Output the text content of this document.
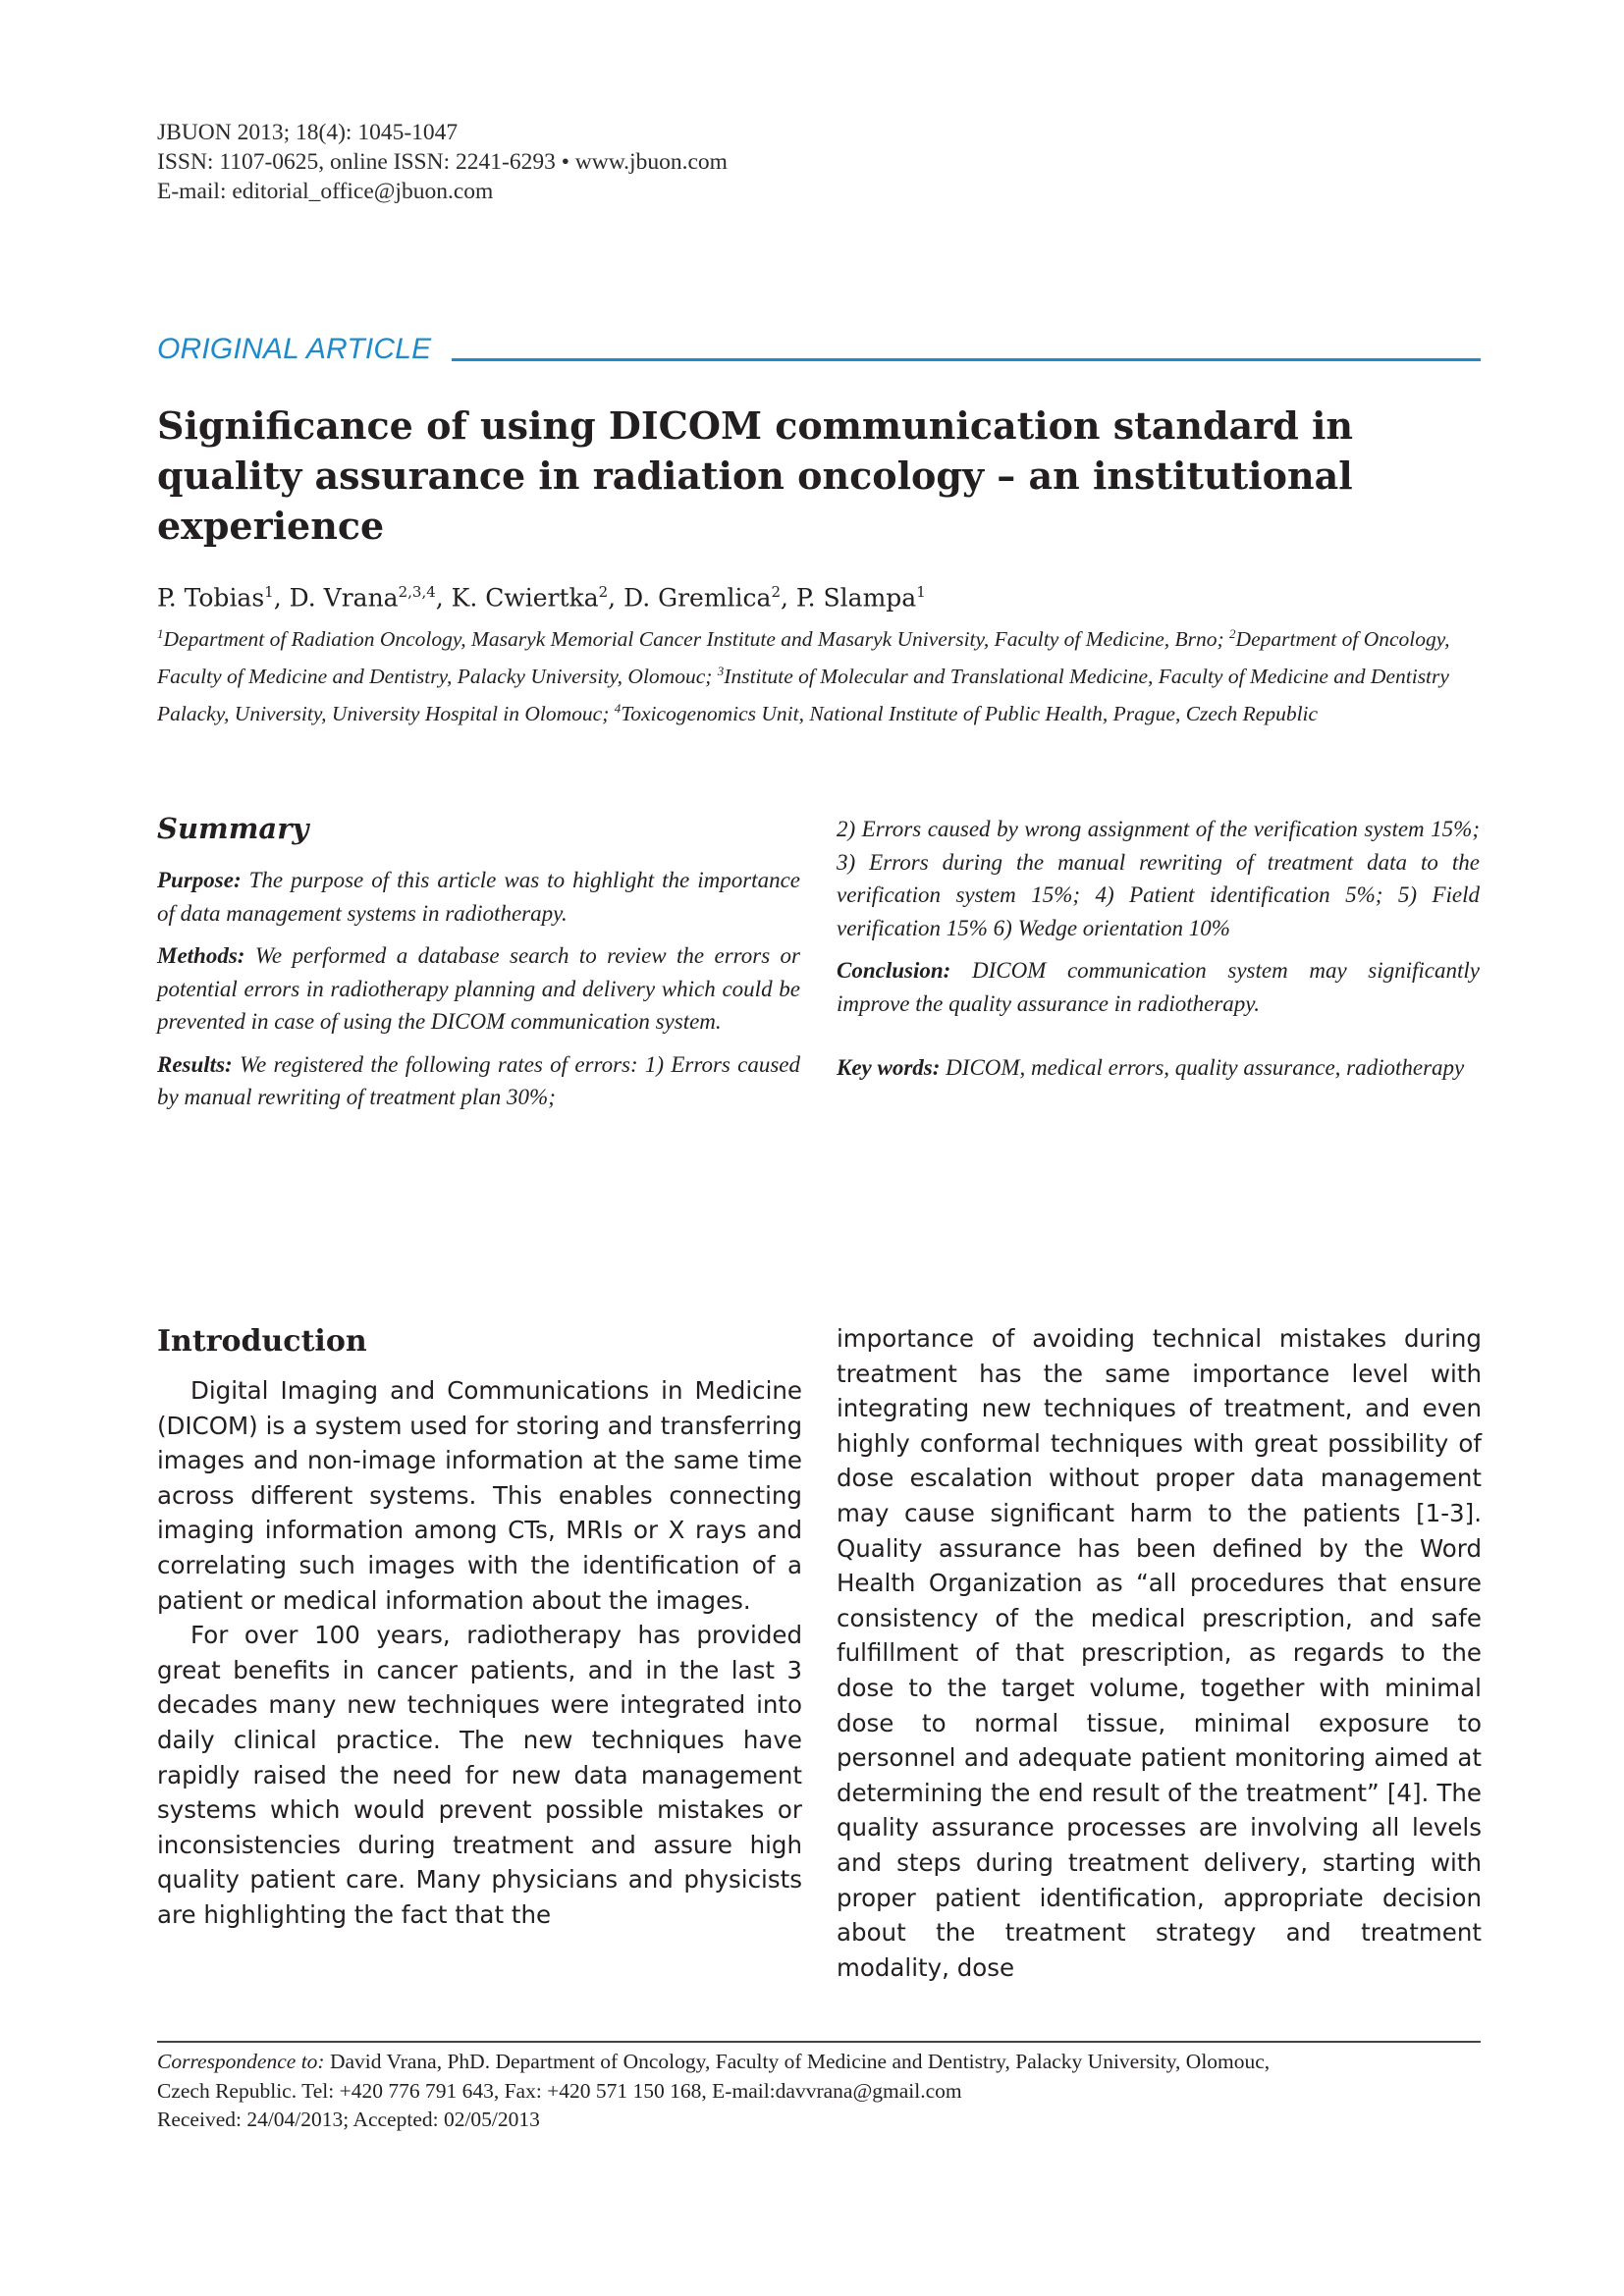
JBUON 2013; 18(4): 1045-1047
ISSN: 1107-0625, online ISSN: 2241-6293 • www.jbuon.com
E-mail: editorial_office@jbuon.com
ORIGINAL ARTICLE
Significance of using DICOM communication standard in quality assurance in radiation oncology – an institutional experience
P. Tobias$^1$, D. Vrana$^{2,3,4}$, K. Cwiertka$^2$, D. Gremlica$^2$, P. Slampa$^1$
$^1$Department of Radiation Oncology, Masaryk Memorial Cancer Institute and Masaryk University, Faculty of Medicine, Brno; $^2$Department of Oncology, Faculty of Medicine and Dentistry, Palacky University, Olomouc; $^3$Institute of Molecular and Translational Medicine, Faculty of Medicine and Dentistry Palacky, University, University Hospital in Olomouc; $^4$Toxicogenomics Unit, National Institute of Public Health, Prague, Czech Republic
Summary

Purpose: The purpose of this article was to highlight the importance of data management systems in radiotherapy.

Methods: We performed a database search to review the errors or potential errors in radiotherapy planning and delivery which could be prevented in case of using the DICOM communication system.

Results: We registered the following rates of errors: 1) Errors caused by manual rewriting of treatment plan 30%;

2) Errors caused by wrong assignment of the verification system 15%; 3) Errors during the manual rewriting of treatment data to the verification system 15%; 4) Patient identification 5%; 5) Field verification 15% 6) Wedge orientation 10%

Conclusion: DICOM communication system may significantly improve the quality assurance in radiotherapy.

Key words: DICOM, medical errors, quality assurance, radiotherapy

Introduction

Digital Imaging and Communications in Medicine (DICOM) is a system used for storing and transferring images and non-image information at the same time across different systems. This enables connecting imaging information among CTs, MRIs or X rays and correlating such images with the identification of a patient or medical information about the images.

For over 100 years, radiotherapy has provided great benefits in cancer patients, and in the last 3 decades many new techniques were integrated into daily clinical practice. The new techniques have rapidly raised the need for new data management systems which would prevent possible mistakes or inconsistencies during treatment and assure high quality patient care. Many physicians and physicists are highlighting the fact that the

importance of avoiding technical mistakes during treatment has the same importance level with integrating new techniques of treatment, and even highly conformal techniques with great possibility of dose escalation without proper data management may cause significant harm to the patients [1-3]. Quality assurance has been defined by the Word Health Organization as “all procedures that ensure consistency of the medical prescription, and safe fulfillment of that prescription, as regards to the dose to the target volume, together with minimal dose to normal tissue, minimal exposure to personnel and adequate patient monitoring aimed at determining the end result of the treatment” [4]. The quality assurance processes are involving all levels and steps during treatment delivery, starting with proper patient identification, appropriate decision about the treatment strategy and treatment modality, dose

Correspondence to: David Vrana, PhD. Department of Oncology, Faculty of Medicine and Dentistry, Palacky University, Olomouc,
Czech Republic. Tel: +420 776 791 643, Fax: +420 571 150 168, E-mail:davvrana@gmail.com
Received: 24/04/2013; Accepted: 02/05/2013
